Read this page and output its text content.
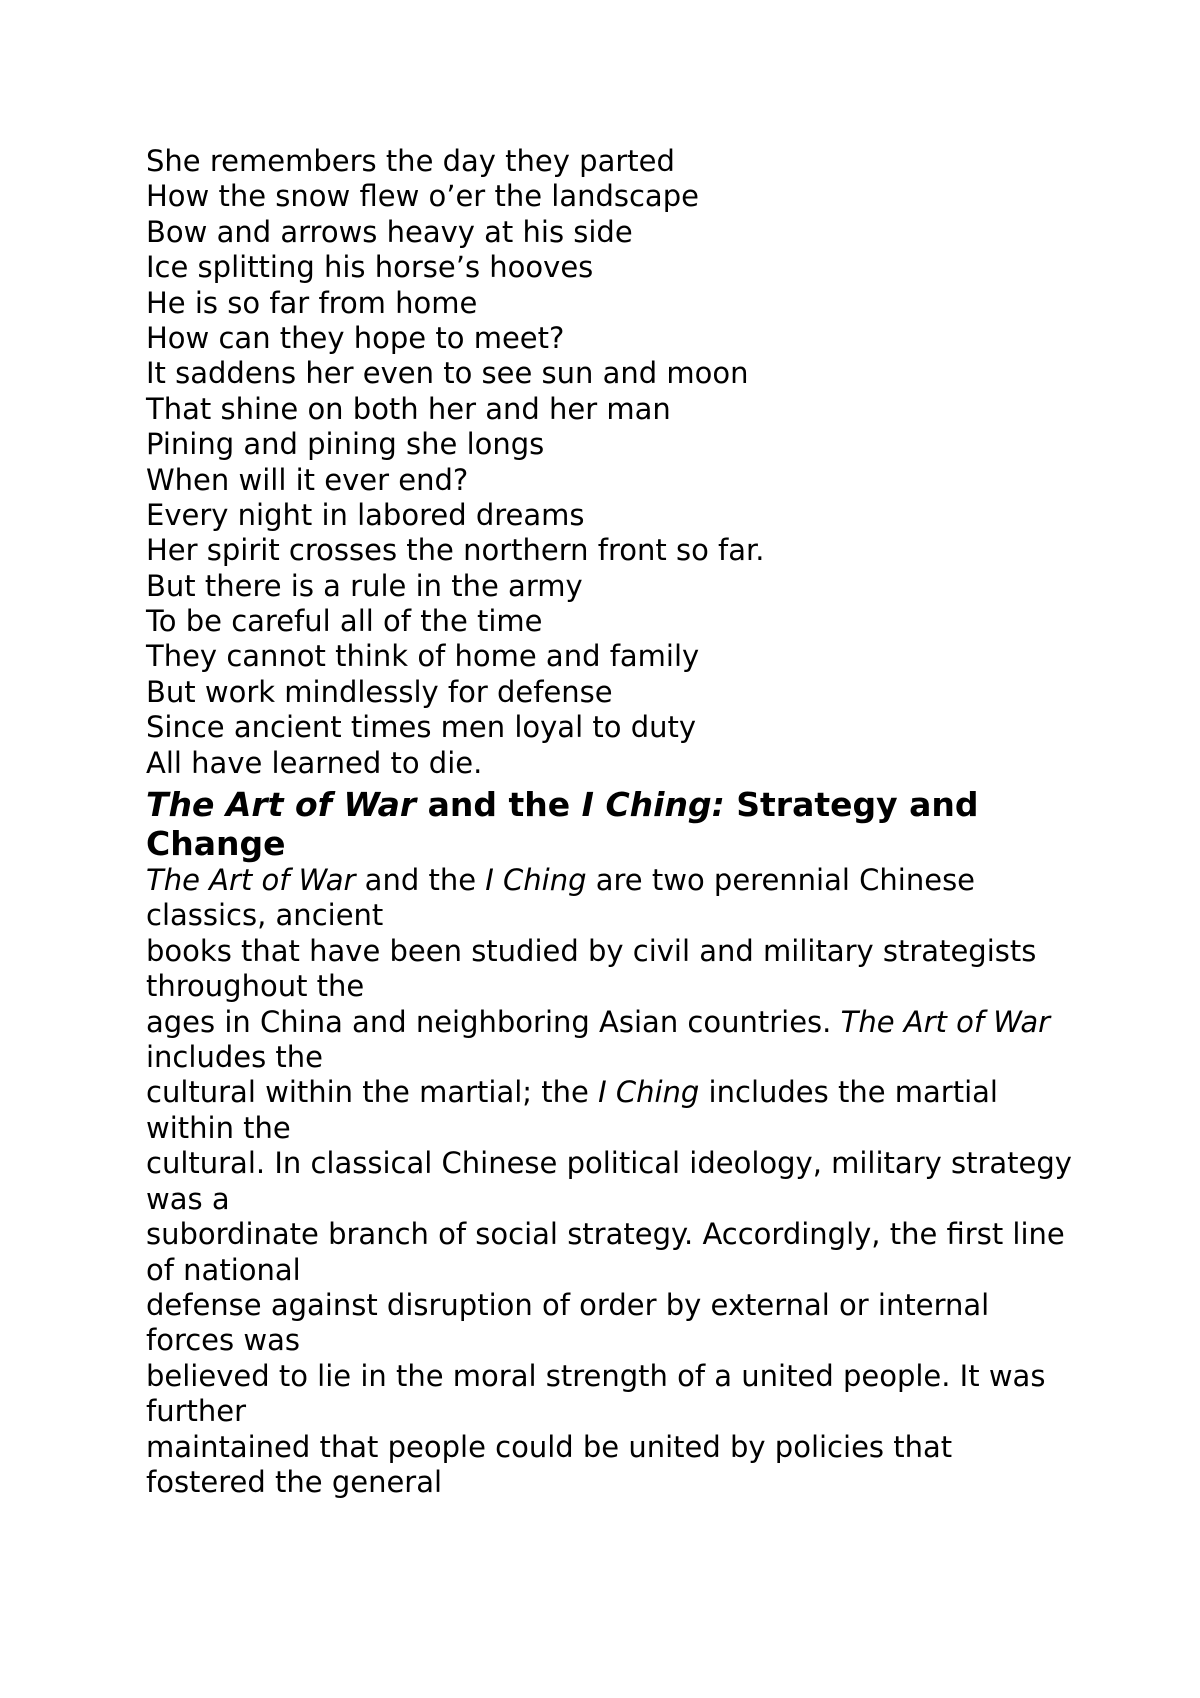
She remembers the day they parted
How the snow flew o’er the landscape
Bow and arrows heavy at his side
Ice splitting his horse’s hooves
He is so far from home
How can they hope to meet?
It saddens her even to see sun and moon
That shine on both her and her man
Pining and pining she longs
When will it ever end?
Every night in labored dreams
Her spirit crosses the northern front so far.
But there is a rule in the army
To be careful all of the time
They cannot think of home and family
But work mindlessly for defense
Since ancient times men loyal to duty
All have learned to die.
The Art of War and the I Ching: Strategy and Change
The Art of War and the I Ching are two perennial Chinese classics, ancient
books that have been studied by civil and military strategists throughout the
ages in China and neighboring Asian countries. The Art of War includes the
cultural within the martial; the I Ching includes the martial within the
cultural. In classical Chinese political ideology, military strategy was a
subordinate branch of social strategy. Accordingly, the first line of national
defense against disruption of order by external or internal forces was
believed to lie in the moral strength of a united people. It was further
maintained that people could be united by policies that fostered the general
